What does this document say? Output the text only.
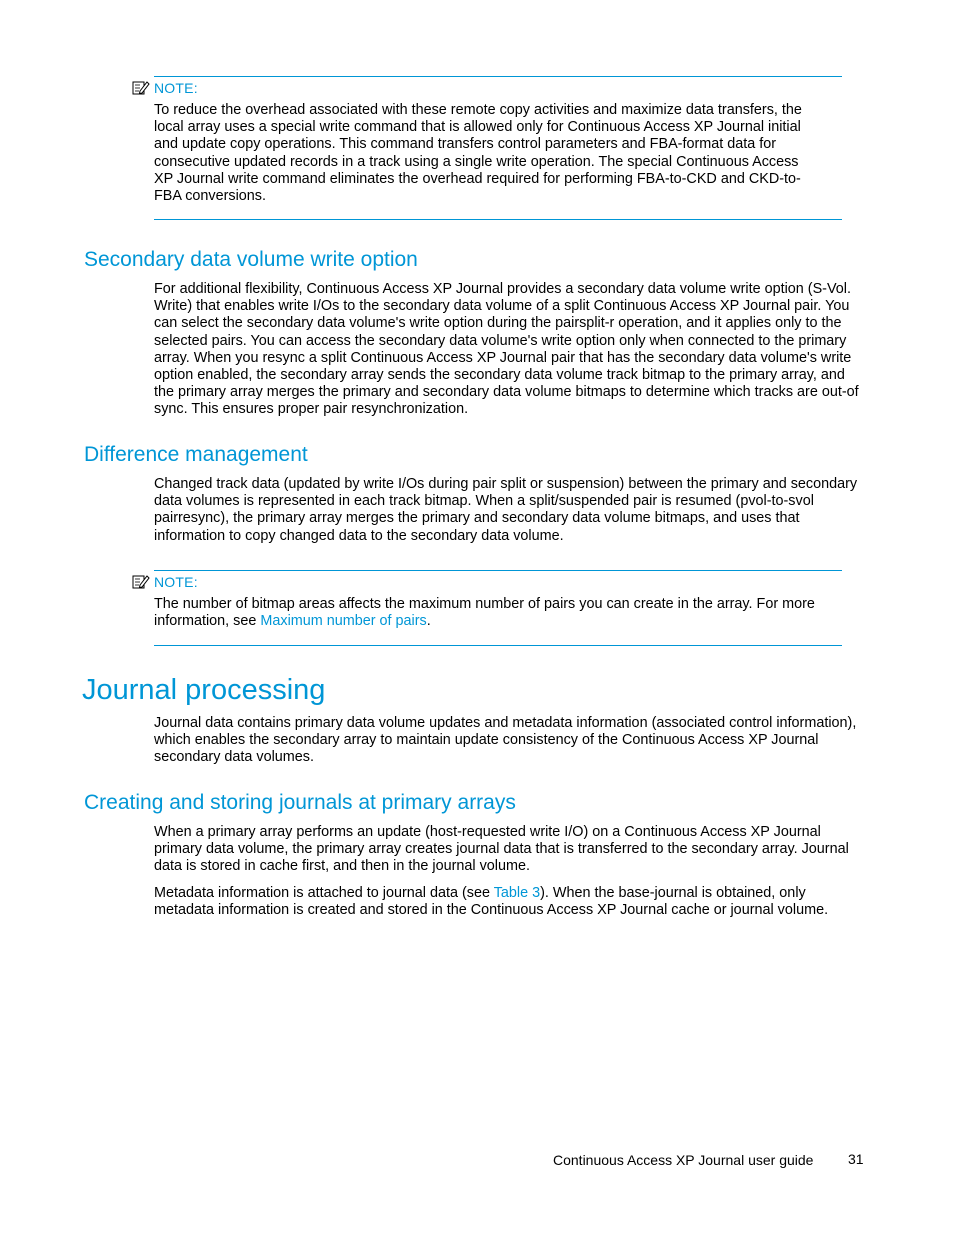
NOTE:

To reduce the overhead associated with these remote copy activities and maximize data transfers, the local array uses a special write command that is allowed only for Continuous Access XP Journal initial and update copy operations. This command transfers control parameters and FBA-format data for consecutive updated records in a track using a single write operation. The special Continuous Access XP Journal write command eliminates the overhead required for performing FBA-to-CKD and CKD-to-FBA conversions.

Secondary data volume write option

For additional flexibility, Continuous Access XP Journal provides a secondary data volume write option (S-Vol. Write) that enables write I/Os to the secondary data volume of a split Continuous Access XP Journal pair. You can select the secondary data volume's write option during the pairsplit-r operation, and it applies only to the selected pairs. You can access the secondary data volume's write option only when connected to the primary array. When you resync a split Continuous Access XP Journal pair that has the secondary data volume's write option enabled, the secondary array sends the secondary data volume track bitmap to the primary array, and the primary array merges the primary and secondary data volume bitmaps to determine which tracks are out-of sync. This ensures proper pair resynchronization.

Difference management

Changed track data (updated by write I/Os during pair split or suspension) between the primary and secondary data volumes is represented in each track bitmap. When a split/suspended pair is resumed (pvol-to-svol pairresync), the primary array merges the primary and secondary data volume bitmaps, and uses that information to copy changed data to the secondary data volume.

NOTE:

The number of bitmap areas affects the maximum number of pairs you can create in the array. For more information, see Maximum number of pairs.

Journal processing

Journal data contains primary data volume updates and metadata information (associated control information), which enables the secondary array to maintain update consistency of the Continuous Access XP Journal secondary data volumes.

Creating and storing journals at primary arrays

When a primary array performs an update (host-requested write I/O) on a Continuous Access XP Journal primary data volume, the primary array creates journal data that is transferred to the secondary array. Journal data is stored in cache first, and then in the journal volume.

Metadata information is attached to journal data (see Table 3). When the base-journal is obtained, only metadata information is created and stored in the Continuous Access XP Journal cache or journal volume.

Continuous Access XP Journal user guide 31
